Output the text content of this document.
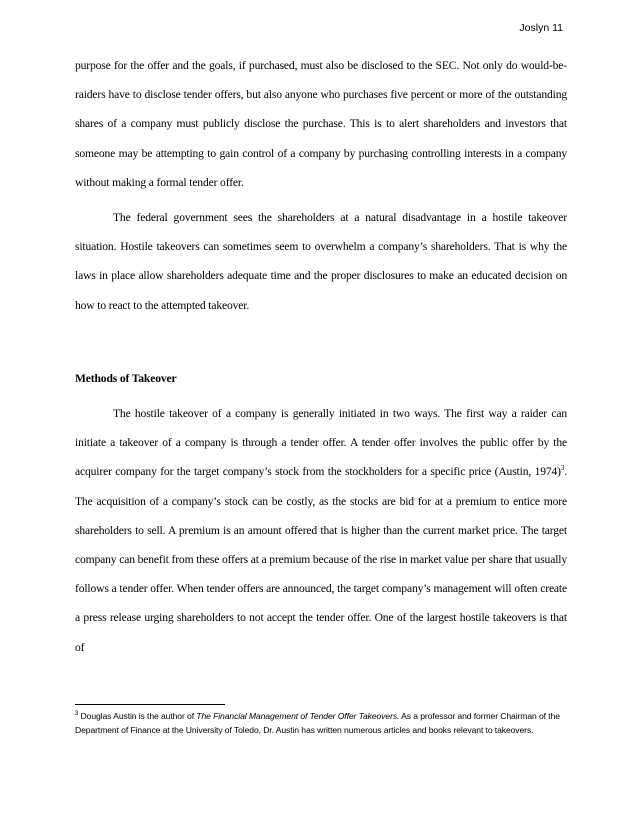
Joslyn 11

purpose for the offer and the goals, if purchased, must also be disclosed to the SEC. Not only do would-be-raiders have to disclose tender offers, but also anyone who purchases five percent or more of the outstanding shares of a company must publicly disclose the purchase. This is to alert shareholders and investors that someone may be attempting to gain control of a company by purchasing controlling interests in a company without making a formal tender offer.

The federal government sees the shareholders at a natural disadvantage in a hostile takeover situation. Hostile takeovers can sometimes seem to overwhelm a company’s shareholders. That is why the laws in place allow shareholders adequate time and the proper disclosures to make an educated decision on how to react to the attempted takeover.

Methods of Takeover

The hostile takeover of a company is generally initiated in two ways. The first way a raider can initiate a takeover of a company is through a tender offer. A tender offer involves the public offer by the acquirer company for the target company’s stock from the stockholders for a specific price (Austin, 1974)$^3$. The acquisition of a company’s stock can be costly, as the stocks are bid for at a premium to entice more shareholders to sell. A premium is an amount offered that is higher than the current market price. The target company can benefit from these offers at a premium because of the rise in market value per share that usually follows a tender offer. When tender offers are announced, the target company’s management will often create a press release urging shareholders to not accept the tender offer. One of the largest hostile takeovers is that of

$^3$ Douglas Austin is the author of The Financial Management of Tender Offer Takeovers. As a professor and former Chairman of the Department of Finance at the University of Toledo, Dr. Austin has written numerous articles and books relevant to takeovers.
